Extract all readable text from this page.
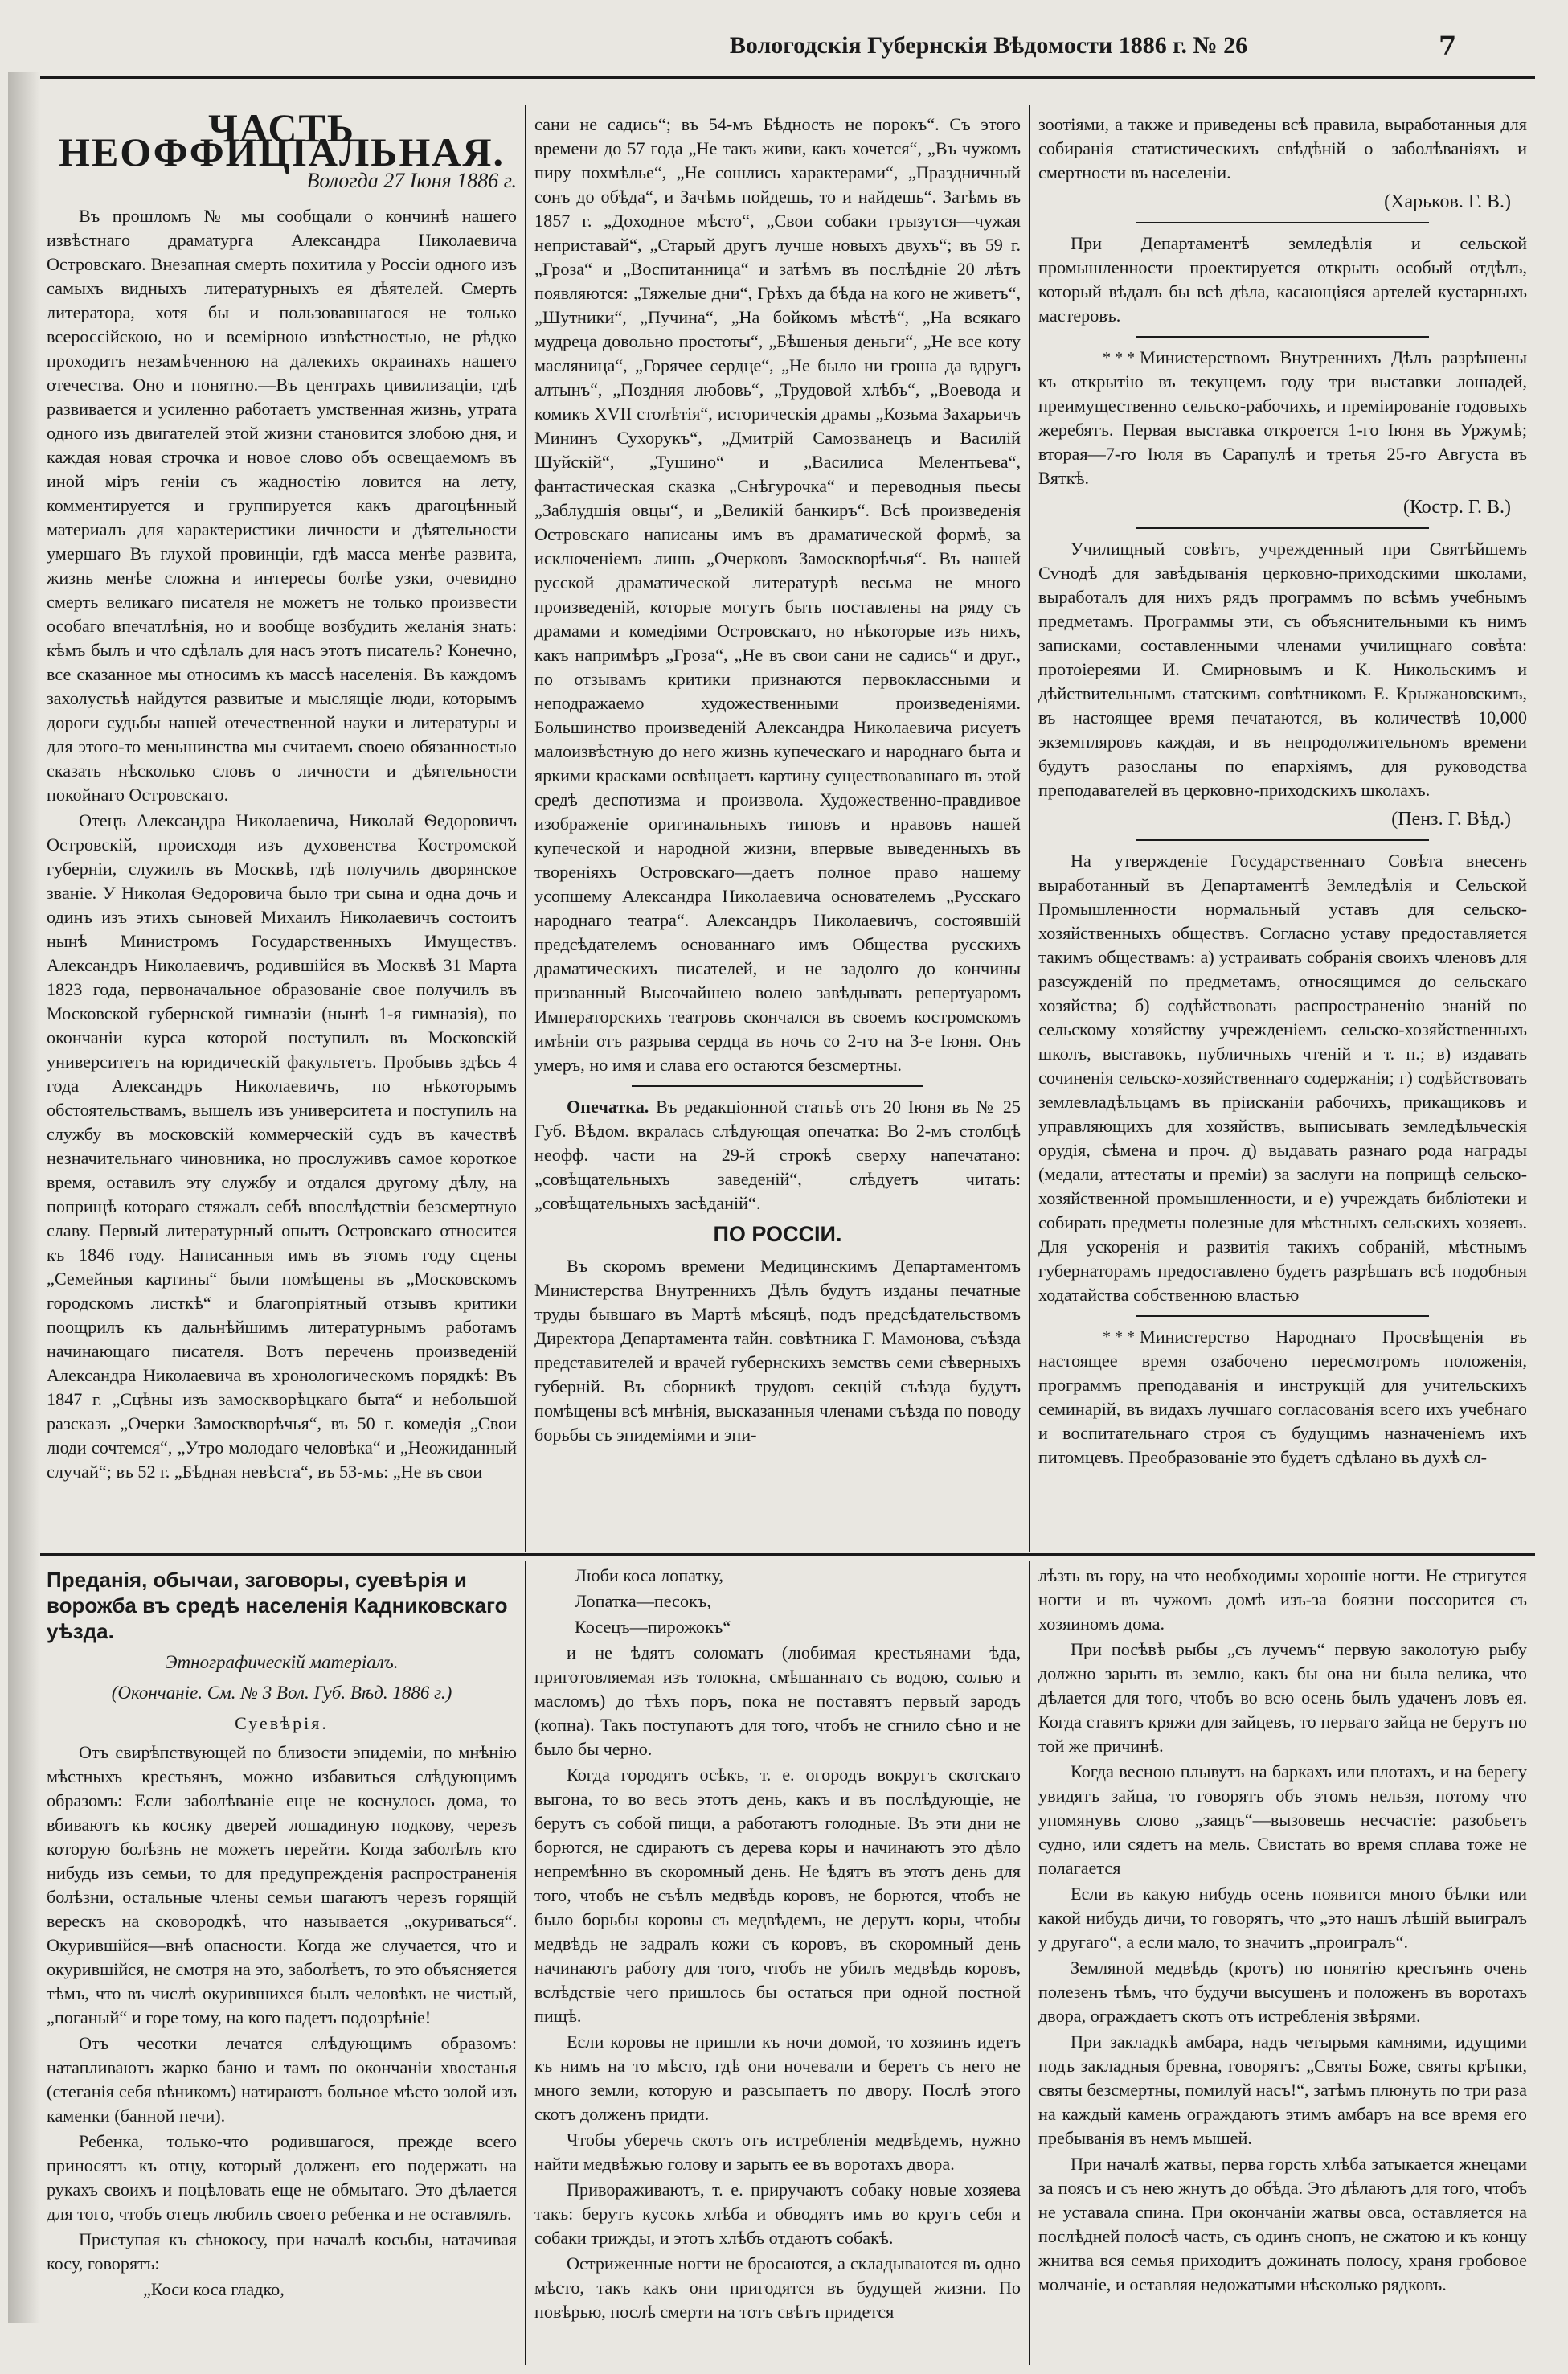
Вологодскія Губернскія Вѣдомости 1886 г. № 26	7
ЧАСТЬ НЕОФФИЦІАЛЬНАЯ.
Вологда 27 Іюня 1886 г.

Въ прошломъ № мы сообщали о кончинѣ нашего извѣстнаго драматурга Александра Николаевича Островскаго. Внезапная смерть похитила у Россіи одного изъ самыхъ видныхъ литературныхъ ея дѣятелей. Смерть литератора, хотя бы и пользовавшагося не только всероссійскою, но и всемірною извѣстностью, не рѣдко проходитъ незамѣченною на далекихъ окраинахъ нашего отечества. Оно и понятно.—Въ центрахъ цивилизаціи, гдѣ развивается и усиленно работаетъ умственная жизнь, утрата одного изъ двигателей этой жизни становится злобою дня, и каждая новая строчка и новое слово объ освещаемомъ въ иной міръ геніи съ жадностію ловится на лету, комментируется и группируется какъ драгоцѣнный материалъ для характеристики личности и дѣятельности умершаго Въ глухой провинціи, гдѣ масса менѣе развита, жизнь менѣе сложна и интересы болѣе узки, очевидно смерть великаго писателя не можетъ не только произвести особаго впечатлѣнія, но и вообще возбудить желанія знать: кѣмъ былъ и что сдѣлалъ для насъ этотъ писатель? Конечно, все сказанное мы относимъ къ массѣ населенія. Въ каждомъ захолустьѣ найдутся развитые и мыслящіе люди, которымъ дороги судьбы нашей отечественной науки и литературы и для этого-то меньшинства мы считаемъ своею обязанностью сказать нѣсколько словъ о личности и дѣятельности покойнаго Островскаго.

Отецъ Александра Николаевича, Николай Ѳедоровичъ Островскій, происходя изъ духовенства Костромской губерніи, служилъ въ Москвѣ, гдѣ получилъ дворянское званіе. У Николая Ѳедоровича было три сына и одна дочь и одинъ изъ этихъ сыновей Михаилъ Николаевичъ состоитъ нынѣ Министромъ Государственныхъ Имуществъ. Александръ Николаевичъ, родившійся въ Москвѣ 31 Марта 1823 года, первоначальное образованіе свое получилъ въ Московской губернской гимназіи (нынѣ 1-я гимназія), по окончаніи курса которой поступилъ въ Московскій университетъ на юридическій факультетъ. Пробывъ здѣсь 4 года Александръ Николаевичъ, по нѣкоторымъ обстоятельствамъ, вышелъ изъ университета и поступилъ на службу въ московскій коммерческій судъ въ качествѣ незначительнаго чиновника, но прослуживъ самое короткое время, оставилъ эту службу и отдался другому дѣлу, на поприщѣ котораго стяжалъ себѣ впослѣдствіи безсмертную славу. Первый литературный опытъ Островскаго относится къ 1846 году. Написанныя имъ въ этомъ году сцены „Семейныя картины“ были помѣщены въ „Московскомъ городскомъ листкѣ“ и благопріятный отзывъ критики поощрилъ къ дальнѣйшимъ литературнымъ работамъ начинающаго писателя. Вотъ перечень произведеній Александра Николаевича въ хронологическомъ порядкѣ: Въ 1847 г. „Сцѣны изъ замоскворѣцкаго быта“ и небольшой разсказъ „Очерки Замоскворѣчья“, въ 50 г. комедія „Свои люди сочтемся“, „Утро молодаго человѣка“ и „Неожиданный случай“; въ 52 г. „Бѣдная невѣста“, въ 53-мъ: „Не въ свои

сани не садись“; въ 54-мъ Бѣдность не порокъ“. Съ этого времени до 57 года „Не такъ живи, какъ хочется“, „Въ чужомъ пиру похмѣлье“, „Не сошлись характерами“, „Праздничный сонъ до обѣда“, и Зачѣмъ пойдешь, то и найдешь“. Затѣмъ въ 1857 г. „Доходное мѣсто“, „Свои собаки грызутся—чужая неприставай“, „Старый другъ лучше новыхъ двухъ“; въ 59 г. „Гроза“ и „Воспитанница“ и затѣмъ въ послѣдніе 20 лѣтъ появляются: „Тяжелые дни“, Грѣхъ да бѣда на кого не живетъ“, „Шутники“, „Пучина“, „На бойкомъ мѣстѣ“, „На всякаго мудреца довольно простоты“, „Бѣшеныя деньги“, „Не все коту масляница“, „Горячее сердце“, „Не было ни гроша да вдругъ алтынъ“, „Поздняя любовь“, „Трудовой хлѣбъ“, „Воевода и комикъ XVII столѣтія“, историческія драмы „Козьма Захарьичъ Mининъ Сухорукъ“, „Дмитрій Самозванецъ и Василій Шуйскій“, „Тушино“ и „Василиса Мелентьева“, фантастическая сказка „Снѣгурочка“ и переводныя пьесы „Заблудшія овцы“, и „Великій банкиръ“. Всѣ произведенія Островскаго написаны имъ въ драматической формѣ, за исключеніемъ лишь „Очерковъ Замоскворѣчья“. Въ нашей русской драматической литературѣ весьма не много произведеній, которые могутъ быть поставлены на ряду съ драмами и комедіями Островскаго, но нѣкоторые изъ нихъ, какъ напримѣръ „Гроза“, „Не въ свои сани не садись“ и друг., по отзывамъ критики признаются первоклассными и неподражаемо художественными произведеніями. Большинство произведеній Александра Николаевича рисуетъ малоизвѣстную до него жизнь купеческаго и народнаго быта и яркими красками освѣщаетъ картину существовавшаго въ этой средѣ деспотизма и произвола. Художественно-правдивое изображеніе оригинальныхъ типовъ и нравовъ нашей купеческой и народной жизни, впервые выведенныхъ въ твореніяхъ Островскаго—даетъ полное право нашему усопшему Александра Николаевича основателемъ „Русскаго народнаго театра“. Александръ Николаевичъ, состоявшій предсѣдателемъ основаннаго имъ Общества русскихъ драматическихъ писателей, и не задолго до кончины призванный Высочайшею волею завѣдывать репертуаромъ Императорскихъ театровъ скончался въ своемъ костромскомъ имѣніи отъ разрыва сердца въ ночь со 2-го на 3-е Іюня. Онъ умеръ, но имя и слава его остаются безсмертны.

Опечатка. Въ редакціонной статьѣ отъ 20 Іюня въ № 25 Губ. Вѣдом. вкралась слѣдующая опечатка: Во 2-мъ столбцѣ неофф. части на 29-й строкѣ сверху напечатано: „совѣщательныхъ заведеній“, слѣдуетъ читать: „совѣщательныхъ засѣданій“.

ПО РОССІИ.

Въ скоромъ времени Медицинскимъ Департаментомъ Министерства Внутреннихъ Дѣлъ будутъ изданы печатные труды бывшаго въ Мартѣ мѣсяцѣ, подъ предсѣдательствомъ Директора Департамента тайн. совѣтника Г. Мамонова, съѣзда представителей и врачей губернскихъ земствъ семи сѣверныхъ губерній. Въ сборникѣ трудовъ секцій съѣзда будутъ помѣщены всѣ мнѣнія, высказанныя членами съѣзда по поводу борьбы съ эпидеміями и эпи-

зоотіями, а также и приведены всѣ правила, выработанныя для собиранія статистическихъ свѣдѣній о заболѣваніяхъ и смертности въ населеніи.

(Харьков. Г. В.)

При Департаментѣ земледѣлія и сельской промышленности проектируется открыть особый отдѣлъ, который вѣдалъ бы всѣ дѣла, касающіяся артелей кустарныхъ мастеровъ.

* * * Министерствомъ Внутреннихъ Дѣлъ разрѣшены къ открытію въ текущемъ году три выставки лошадей, преимущественно сельско-рабочихъ, и преміированіе годовыхъ жеребятъ. Первая выставка откроется 1-го Іюня въ Уржумѣ; вторая—7-го Іюля въ Сарапулѣ и третья 25-го Августа въ Вяткѣ.

(Костр. Г. В.)

Училищный совѣтъ, учрежденный при Святѣйшемъ Сѵнодѣ для завѣдыванія церковно-приходскими школами, выработалъ для нихъ рядъ программъ по всѣмъ учебнымъ предметамъ. Программы эти, съ объяснительными къ нимъ записками, составленными членами училищнаго совѣта: протоіереями И. Смирновымъ и К. Никольскимъ и дѣйствительнымъ статскимъ совѣтникомъ Е. Крыжановскимъ, въ настоящее время печатаются, въ количествѣ 10,000 экземпляровъ каждая, и въ непродолжительномъ времени будутъ разосланы по епархіямъ, для руководства преподавателей въ церковно-приходскихъ школахъ.

(Пенз. Г. Вѣд.)

На утвержденіе Государственнаго Совѣта внесенъ выработанный въ Департаментѣ Земледѣлія и Сельской Промышленности нормальный уставъ для сельско-хозяйственныхъ обществъ. Согласно уставу предоставляется такимъ обществамъ: а) устраивать собранія своихъ членовъ для разсужденій по предметамъ, относящимся до сельскаго хозяйства; б) содѣйствовать распространенію знаній по сельскому хозяйству учрежденіемъ сельско-хозяйственныхъ школъ, выставокъ, публичныхъ чтеній и т. п.; в) издавать сочиненія сельско-хозяйственнаго содержанія; г) содѣйствовать землевладѣльцамъ въ пріисканіи рабочихъ, прикащиковъ и управляющихъ для хозяйствъ, выписывать земледѣльческія орудія, сѣмена и проч. д) выдавать разнаго рода награды (медали, аттестаты и преміи) за заслуги на поприщѣ сельско-хозяйственной промышленности, и е) учреждать библіотеки и собирать предметы полезные для мѣстныхъ сельскихъ хозяевъ. Для ускоренія и развитія такихъ собраній, мѣстнымъ губернаторамъ предоставлено будетъ разрѣшать всѣ подобныя ходатайства собственною властью

* * * Министерство Народнаго Просвѣщенія въ настоящее время озабочено пересмотромъ положенія, программъ преподаванія и инструкцій для учительскихъ семинарій, въ видахъ лучшаго согласованія всего ихъ учебнаго и воспитательнаго строя съ будущимъ назначеніемъ ихъ питомцевъ. Преобразованіе это будетъ сдѣлано въ духѣ сл-

Преданія, обычаи, заговоры, суевѣрія и ворожба въ средѣ населенія Кадниковскаго уѣзда.
Этнографическій матеріалъ.
(Окончаніе. См. № 3 Вол. Губ. Вѣд. 1886 г.)
Суевѣрія.

Отъ свирѣпствующей по близости эпидеміи, по мнѣнію мѣстныхъ крестьянъ, можно избавиться слѣдующимъ образомъ: Если заболѣваніе еще не коснулось дома, то вбиваютъ къ косяку дверей лошадиную подкову, черезъ которую болѣзнь не можетъ перейти. Когда заболѣлъ кто нибудь изъ семьи, то для предупрежденія распространенія болѣзни, остальные члены семьи шагаютъ черезъ горящій верескъ на сковородкѣ, что называется „окуриваться“. Окурившійся—внѣ опасности. Когда же случается, что и окурившійся, не смотря на это, заболѣетъ, то это объясняется тѣмъ, что въ числѣ окурившихся былъ человѣкъ не чистый, „поганый“ и горе тому, на кого падетъ подозрѣніе!

Отъ чесотки лечатся слѣдующимъ образомъ: натапливаютъ жарко баню и тамъ по окончаніи хвостанья (стеганія себя вѣникомъ) натираютъ больное мѣсто золой изъ каменки (банной печи).

Ребенка, только-что родившагося, прежде всего приносятъ къ отцу, который долженъ его подержать на рукахъ своихъ и поцѣловать еще не обмытаго. Это дѣлается для того, чтобъ отецъ любилъ своего ребенка и не оставлялъ.

Приступая къ сѣнокосу, при началѣ косьбы, натачивая косу, говорятъ:

„Коси коса гладко,

Люби коса лопатку,

Лопатка—песокъ,

Косецъ—пирожокъ“

и не ѣдятъ соломатъ (любимая крестьянами ѣда, приготовляемая изъ толокна, смѣшаннаго съ водою, солью и масломъ) до тѣхъ поръ, пока не поставятъ первый зародъ (копна). Такъ поступаютъ для того, чтобъ не сгнило сѣно и не было бы черно.

Когда городятъ осѣкъ, т. е. огородъ вокругъ скотскаго выгона, то во весь этотъ день, какъ и въ послѣдующіе, не берутъ съ собой пищи, а работаютъ голодные. Въ эти дни не борются, не сдираютъ съ дерева коры и начинаютъ это дѣло непремѣнно въ скоромный день. Не ѣдятъ въ этотъ день для того, чтобъ не съѣлъ медвѣдь коровъ, не борются, чтобъ не было борьбы коровы съ медвѣдемъ, не дерутъ коры, чтобы медвѣдь не задралъ кожи съ коровъ, въ скоромный день начинаютъ работу для того, чтобъ не убилъ медвѣдь коровъ, вслѣдствіе чего пришлось бы остаться при одной постной пищѣ.

Если коровы не пришли къ ночи домой, то хозяинъ идетъ къ нимъ на то мѣсто, гдѣ они ночевали и беретъ съ него не много земли, которую и разсыпаетъ по двору. Послѣ этого скотъ долженъ придти.

Чтобы уберечь скотъ отъ истребленія медвѣдемъ, нужно найти медвѣжью голову и зарыть ее въ воротахъ двора.

Привораживаютъ, т. е. приручаютъ собаку новые хозяева такъ: берутъ кусокъ хлѣба и обводятъ имъ во кругъ себя и собаки трижды, и этотъ хлѣбъ отдаютъ собакѣ.

Остриженные ногти не бросаются, а складываются въ одно мѣсто, такъ какъ они пригодятся въ будущей жизни. По повѣрью, послѣ смерти на тотъ свѣтъ придется

лѣзть въ гору, на что необходимы хорошіе ногти. Не стригутся ногти и въ чужомъ домѣ изъ-за боязни поссорится съ хозяиномъ дома.

При посѣвѣ рыбы „съ лучемъ“ первую заколотую рыбу должно зарыть въ землю, какъ бы она ни была велика, что дѣлается для того, чтобъ во всю осень былъ удаченъ ловъ ея. Когда ставятъ кряжи для зайцевъ, то перваго зайца не берутъ по той же причинѣ.

Когда весною плывутъ на баркахъ или плотахъ, и на берегу увидятъ зайца, то говорятъ объ этомъ нельзя, потому что упомянувъ слово „заяцъ“—вызовешь несчастіе: разобьетъ судно, или сядетъ на мель. Свистать во время сплава тоже не полагается

Если въ какую нибудь осень появится много бѣлки или какой нибудь дичи, то говорятъ, что „это нашъ лѣшій выигралъ у другаго“, а если мало, то значитъ „проигралъ“.

Земляной медвѣдь (кротъ) по понятію крестьянъ очень полезенъ тѣмъ, что будучи высушенъ и положенъ въ воротахъ двора, ограждаетъ скотъ отъ истребленія звѣрями.

При закладкѣ амбара, надъ четырьмя камнями, идущими подъ закладныя бревна, говорятъ: „Святы Боже, святы крѣпки, святы безсмертны, помилуй насъ!“, затѣмъ плюнуть по три раза на каждый камень ограждаютъ этимъ амбаръ на все время его пребыванія въ немъ мышей.

При началѣ жатвы, перва горсть хлѣба затыкается жнецами за поясъ и съ нею жнутъ до обѣда. Это дѣлаютъ для того, чтобъ не уставала спина. При окончаніи жатвы овса, оставляется на послѣдней полосѣ часть, съ одинъ снопъ, не сжатою и къ концу жнитва вся семья приходитъ дожинать полосу, храня гробовое молчаніе, и оставляя недожатыми нѣсколько рядковъ.
